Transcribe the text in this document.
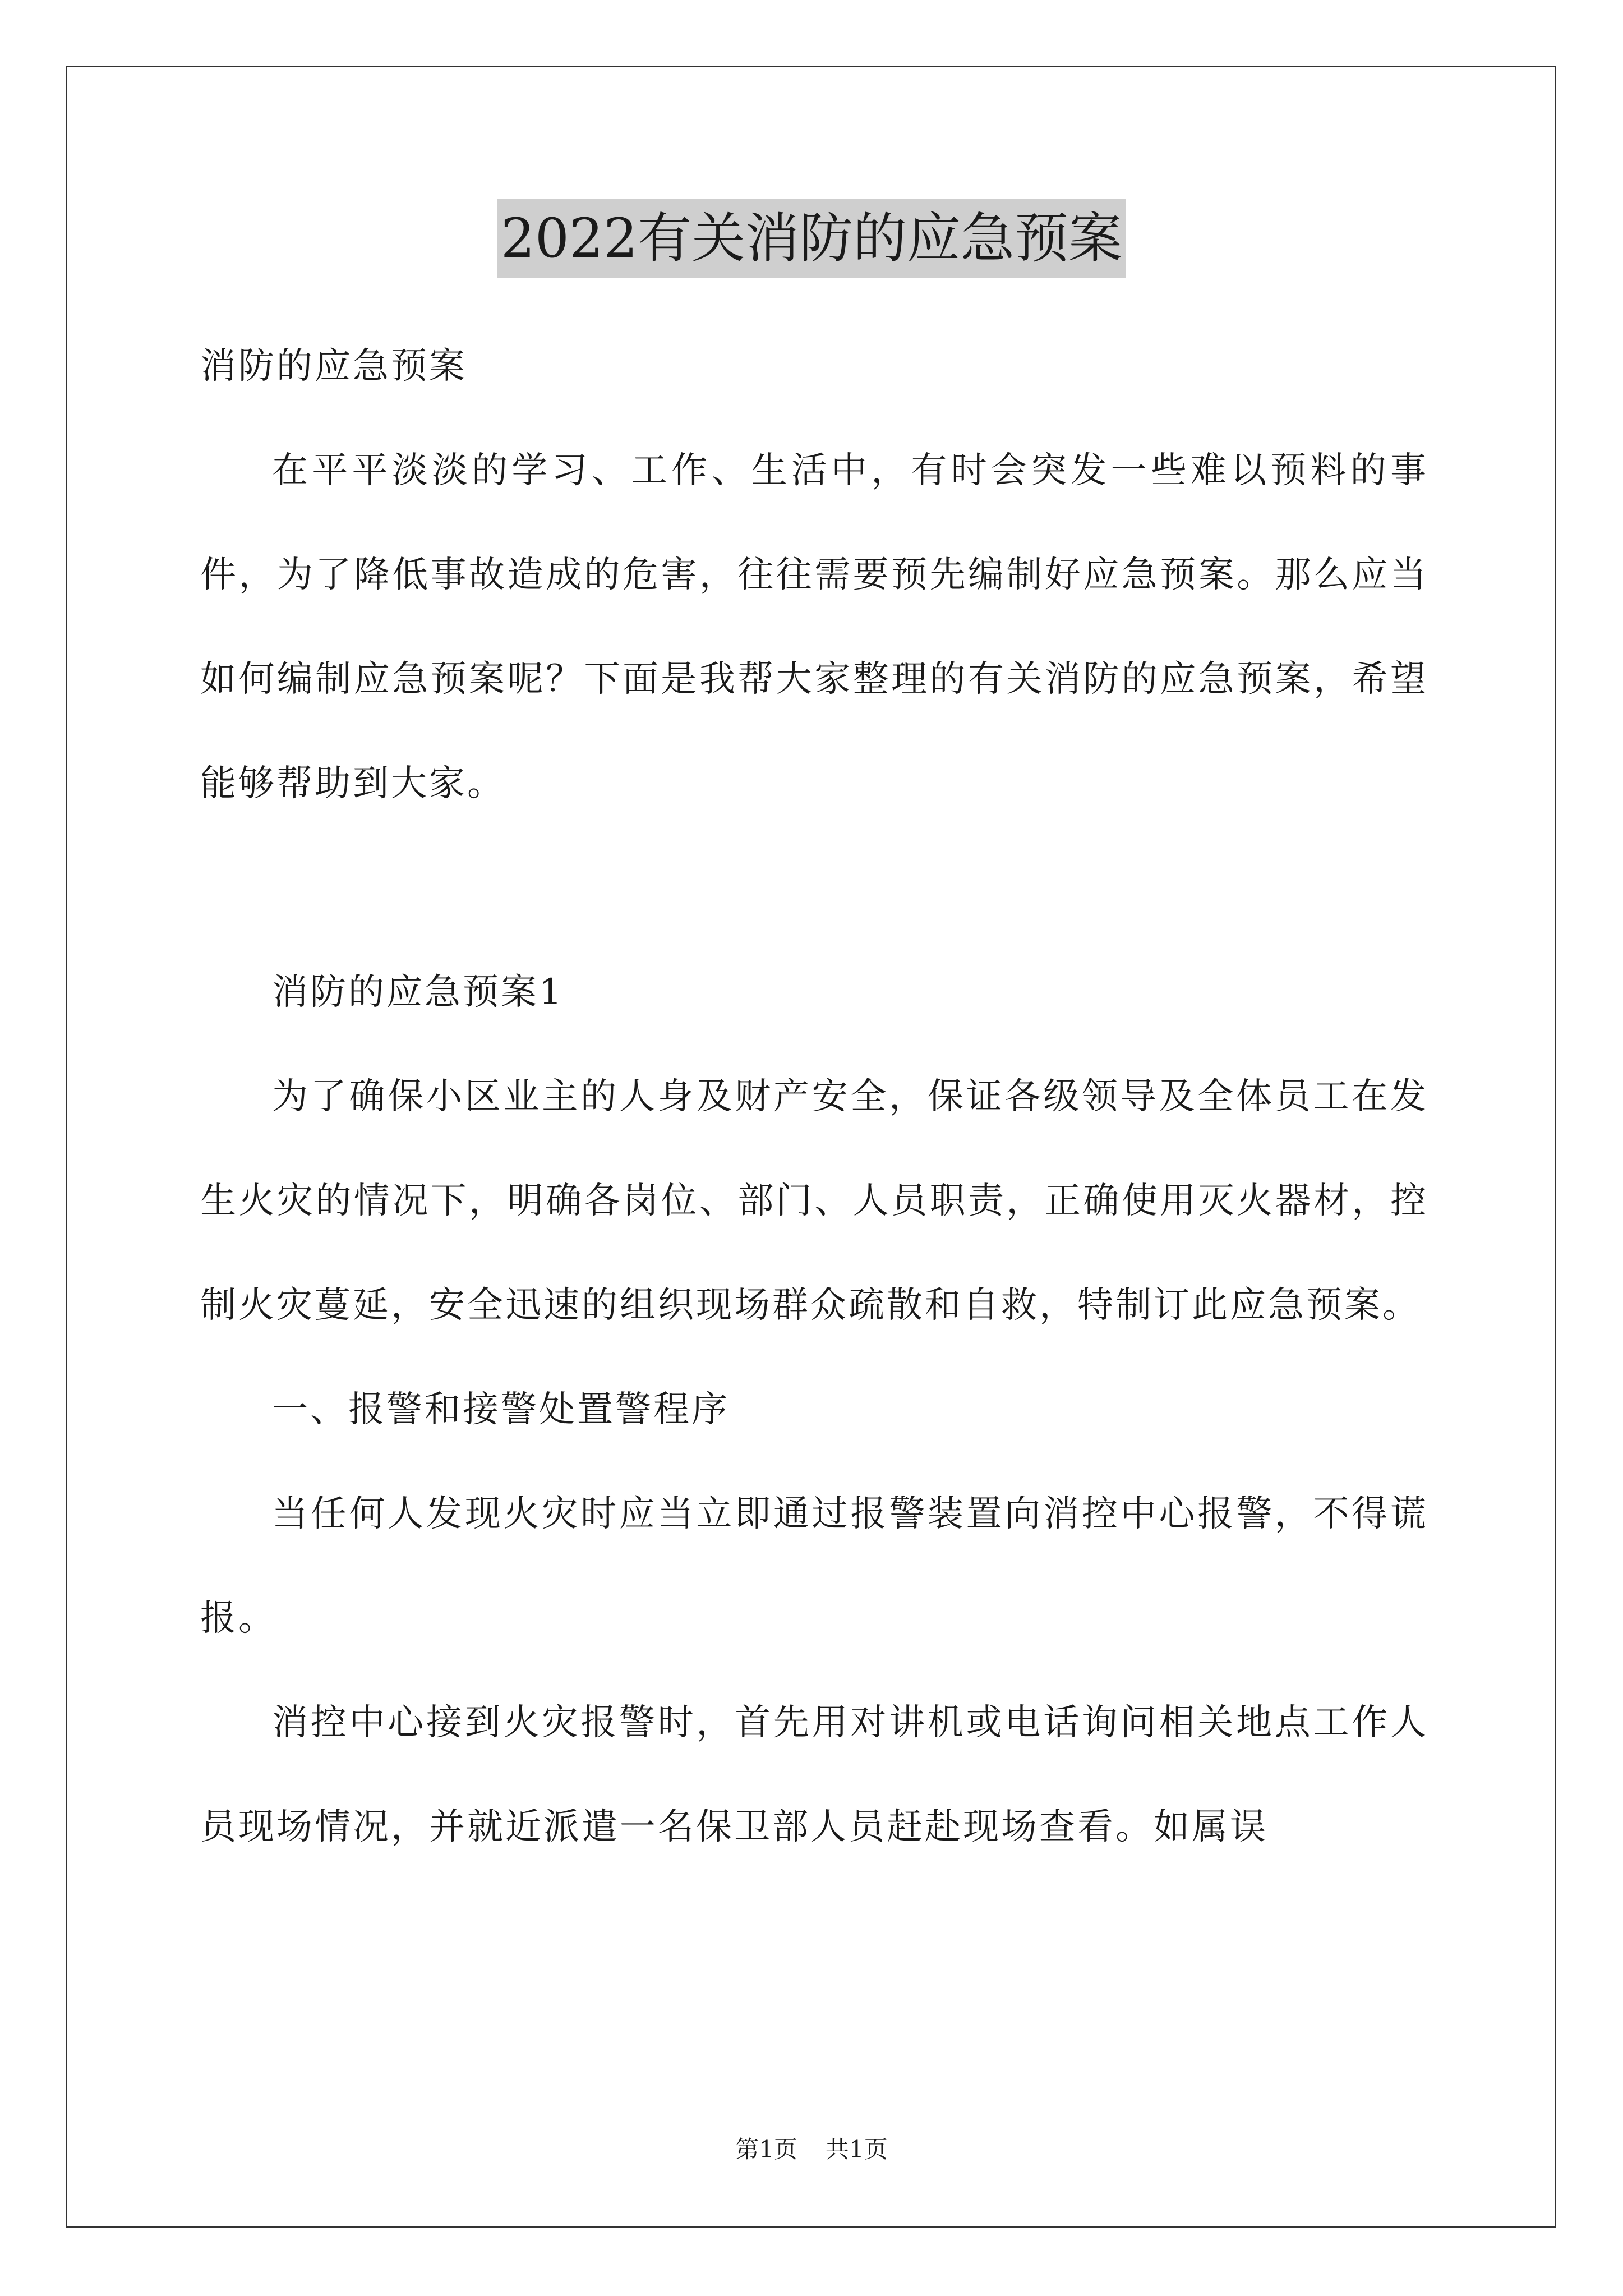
2022有关消防的应急预案

消防的应急预案

在平平淡淡的学习、工作、生活中，有时会突发一些难以预料的事件，为了降低事故造成的危害，往往需要预先编制好应急预案。那么应当如何编制应急预案呢？下面是我帮大家整理的有关消防的应急预案，希望能够帮助到大家。

消防的应急预案1

为了确保小区业主的人身及财产安全，保证各级领导及全体员工在发生火灾的情况下，明确各岗位、部门、人员职责，正确使用灭火器材，控制火灾蔓延，安全迅速的组织现场群众疏散和自救，特制订此应急预案。

一、报警和接警处置警程序

当任何人发现火灾时应当立即通过报警装置向消控中心报警，不得谎报。

消控中心接到火灾报警时，首先用对讲机或电话询问相关地点工作人员现场情况，并就近派遣一名保卫部人员赶赴现场查看。如属误

第1页 共1页
